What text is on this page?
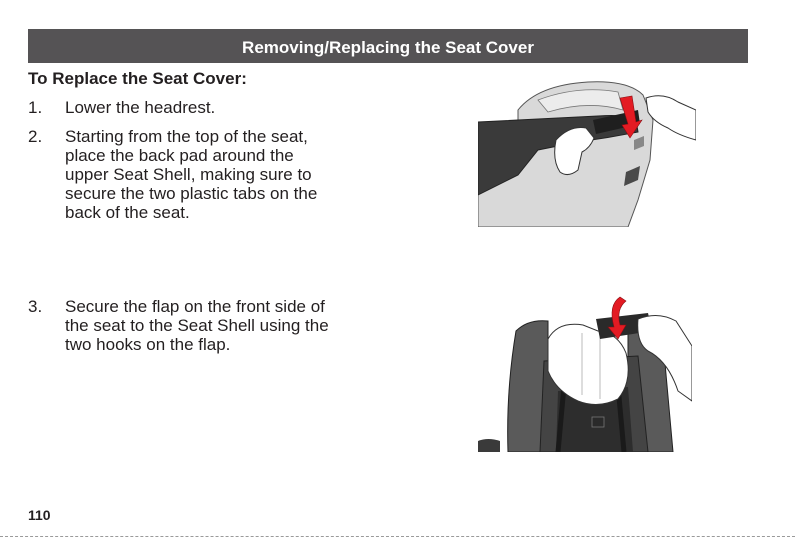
Removing/Replacing the Seat Cover
To Replace the Seat Cover:
1. Lower the headrest.
2. Starting from the top of the seat,
place the back pad around the
upper Seat Shell, making sure to
secure the two plastic tabs on the
back of the seat.
3. Secure the flap on the front side of
the seat to the Seat Shell using the
two hooks on the flap.
110
